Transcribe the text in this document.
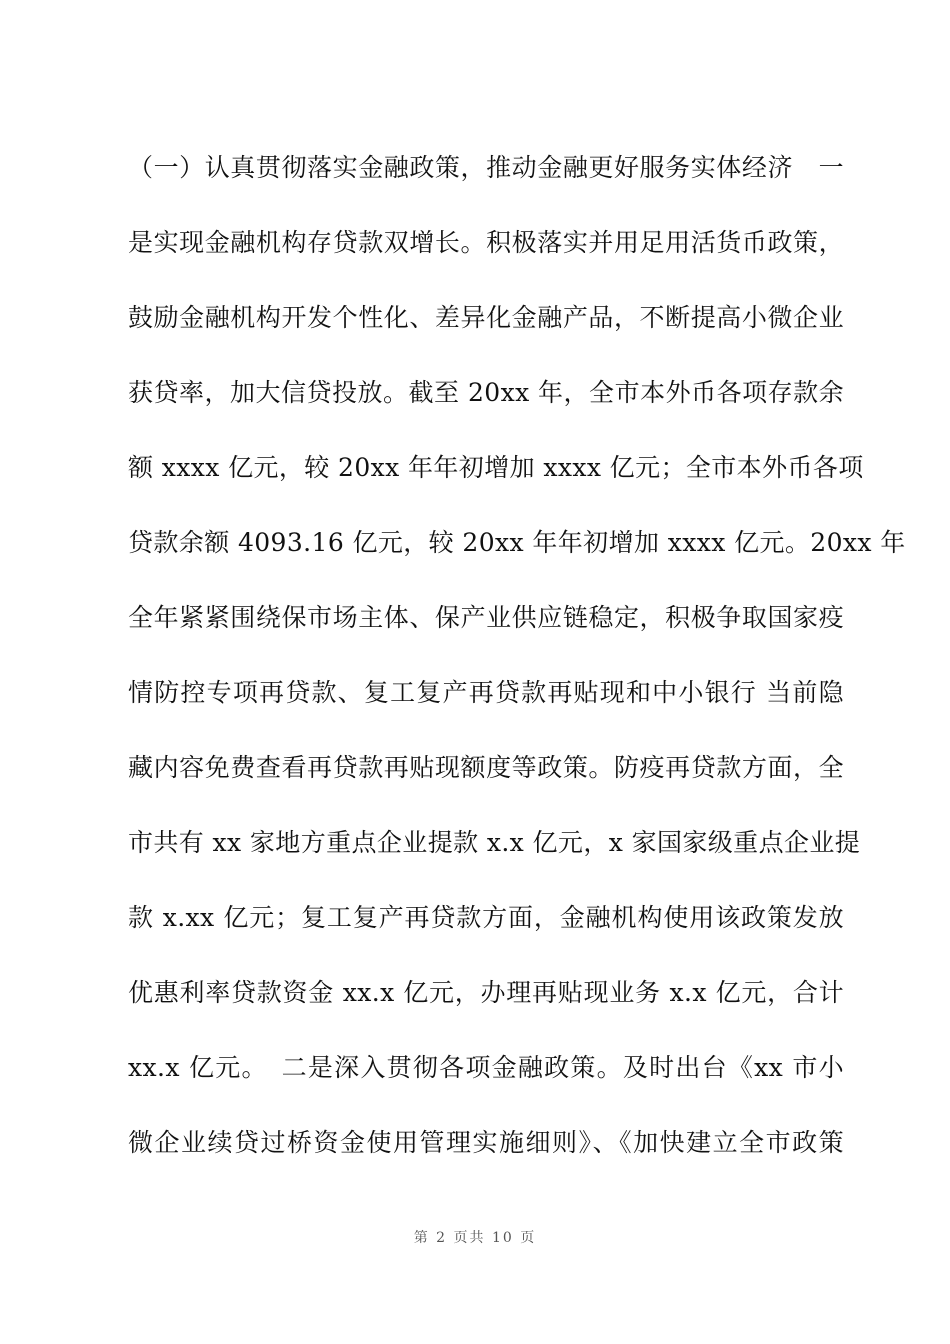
（一）认真贯彻落实金融政策，推动金融更好服务实体经济　一
是实现金融机构存贷款双增长。积极落实并用足用活货币政策，
鼓励金融机构开发个性化、差异化金融产品，不断提高小微企业
获贷率，加大信贷投放。截至 20xx 年，全市本外币各项存款余
额 xxxx 亿元，较 20xx 年年初增加 xxxx 亿元；全市本外币各项
贷款余额 4093.16 亿元，较 20xx 年年初增加 xxxx 亿元。20xx 年
全年紧紧围绕保市场主体、保产业供应链稳定，积极争取国家疫
情防控专项再贷款、复工复产再贷款再贴现和中小银行 当前隐
藏内容免费查看再贷款再贴现额度等政策。防疫再贷款方面，全
市共有 xx 家地方重点企业提款 x.x 亿元，x 家国家级重点企业提
款 x.xx 亿元；复工复产再贷款方面，金融机构使用该政策发放
优惠利率贷款资金 xx.x 亿元，办理再贴现业务 x.x 亿元，合计
xx.x 亿元。　二是深入贯彻各项金融政策。及时出台《xx 市小
微企业续贷过桥资金使用管理实施细则》、《加快建立全市政策
第 2 页共 10 页
